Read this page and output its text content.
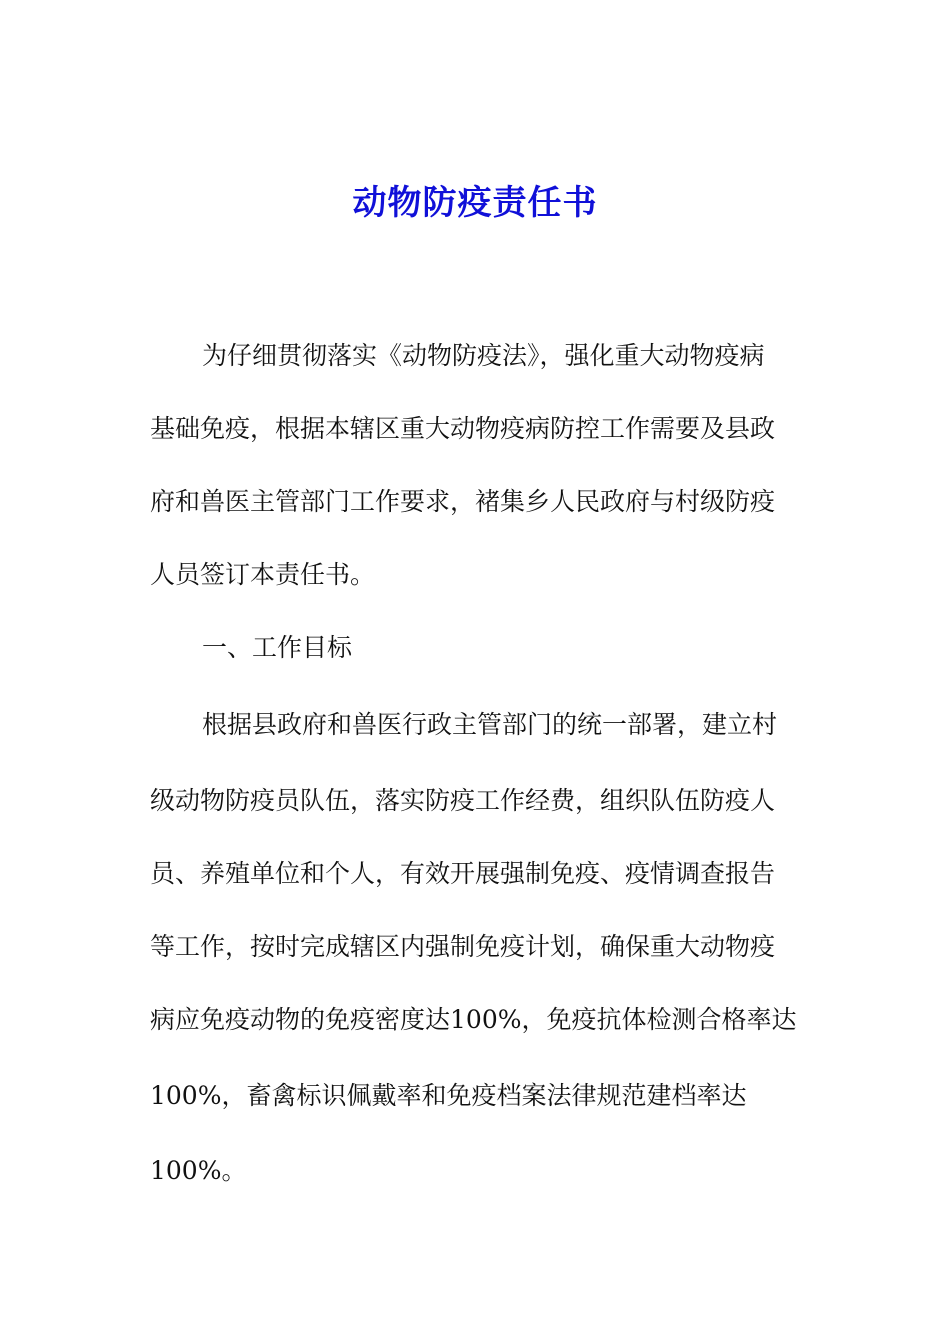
动物防疫责任书

为仔细贯彻落实《动物防疫法》，强化重大动物疫病

基础免疫，根据本辖区重大动物疫病防控工作需要及县政

府和兽医主管部门工作要求，褚集乡人民政府与村级防疫

人员签订本责任书。

一、工作目标

根据县政府和兽医行政主管部门的统一部署，建立村

级动物防疫员队伍，落实防疫工作经费，组织队伍防疫人

员、养殖单位和个人，有效开展强制免疫、疫情调查报告

等工作，按时完成辖区内强制免疫计划，确保重大动物疫

病应免疫动物的免疫密度达100%，免疫抗体检测合格率达

100%，畜禽标识佩戴率和免疫档案法律规范建档率达

100%。
